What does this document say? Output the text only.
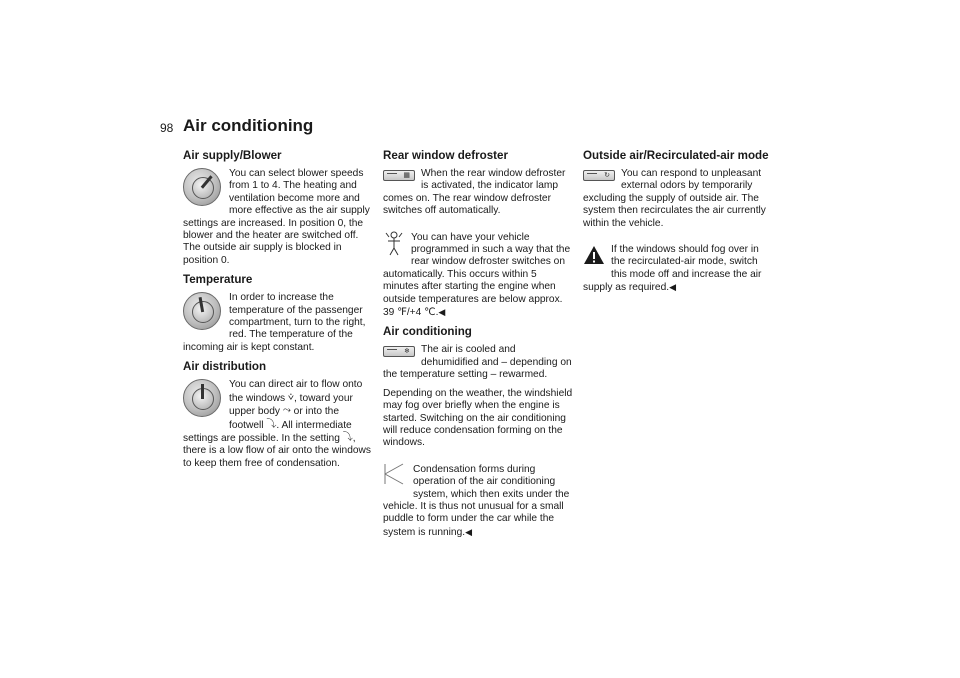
98 Air conditioning
Air supply/Blower

You can select blower speeds from 1 to 4. The heating and ventilation become more and more effective as the air supply settings are increased. In position 0, the blower and the heater are switched off. The outside air supply is blocked in position 0.

Temperature

In order to increase the temperature of the passenger compartment, turn to the right, red. The temperature of the incoming air is kept constant.

Air distribution

You can direct air to flow onto the windows ⩒, toward your upper body ⤳ or into the footwell ⤵. All intermediate settings are possible. In the setting ⤵, there is a low flow of air onto the windows to keep them free of condensation.

Rear window defroster
▦	When the rear window defroster is activated, the indicator lamp comes on. The rear window defroster switches off automatically.

You can have your vehicle programmed in such a way that the rear window defroster switches on automatically. This occurs within 5 minutes after starting the engine when outside temperatures are below approx. 39 ℉/+4 ℃.◀

Air conditioning
❄	The air is cooled and dehumidified and – depending on the temperature setting – rewarmed.

Depending on the weather, the windshield may fog over briefly when the engine is started. Switching on the air conditioning will reduce condensation forming on the windows.

Condensation forms during operation of the air conditioning system, which then exits under the vehicle. It is thus not unusual for a small puddle to form under the car while the system is running.◀

Outside air/Recirculated-air mode
↻	You can respond to unpleasant external odors by temporarily excluding the supply of outside air. The system then recirculates the air currently within the vehicle.

If the windows should fog over in the recirculated-air mode, switch this mode off and increase the air supply as required.◀
